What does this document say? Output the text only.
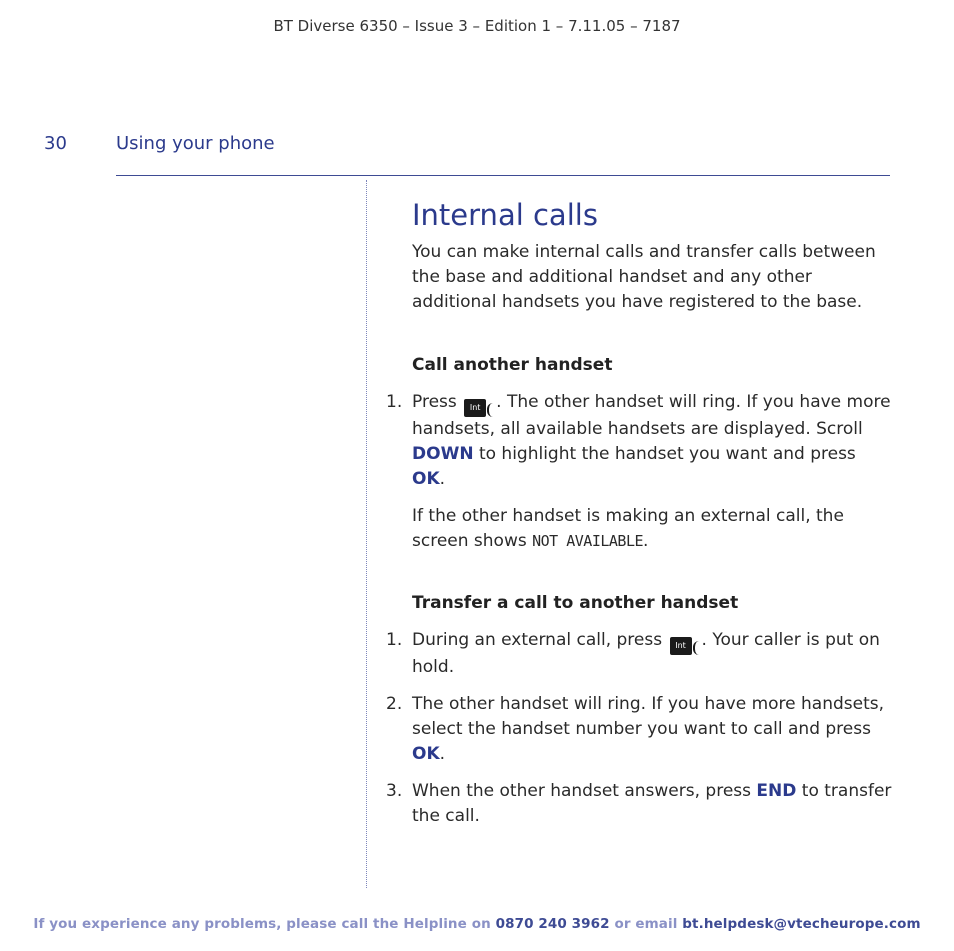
BT Diverse 6350 – Issue 3 – Edition 1 – 7.11.05 – 7187
30	Using your phone
Internal calls

You can make internal calls and transfer calls between the base and additional handset and any other additional handsets you have registered to the base.

Call another handset
1. Press	Int . The other handset will ring. If you have more handsets, all available handsets are displayed. Scroll DOWN to highlight the handset you want and press OK.
If the other handset is making an external call, the screen shows NOT AVAILABLE.
Transfer a call to another handset
1. During an external call, press	Int . Your caller is put on hold.
2. The other handset will ring. If you have more handsets, select the handset number you want to call and press OK.
3. When the other handset answers, press END to transfer the call.
If you experience any problems, please call the Helpline on 0870 240 3962 or email bt.helpdesk@vtecheurope.com
